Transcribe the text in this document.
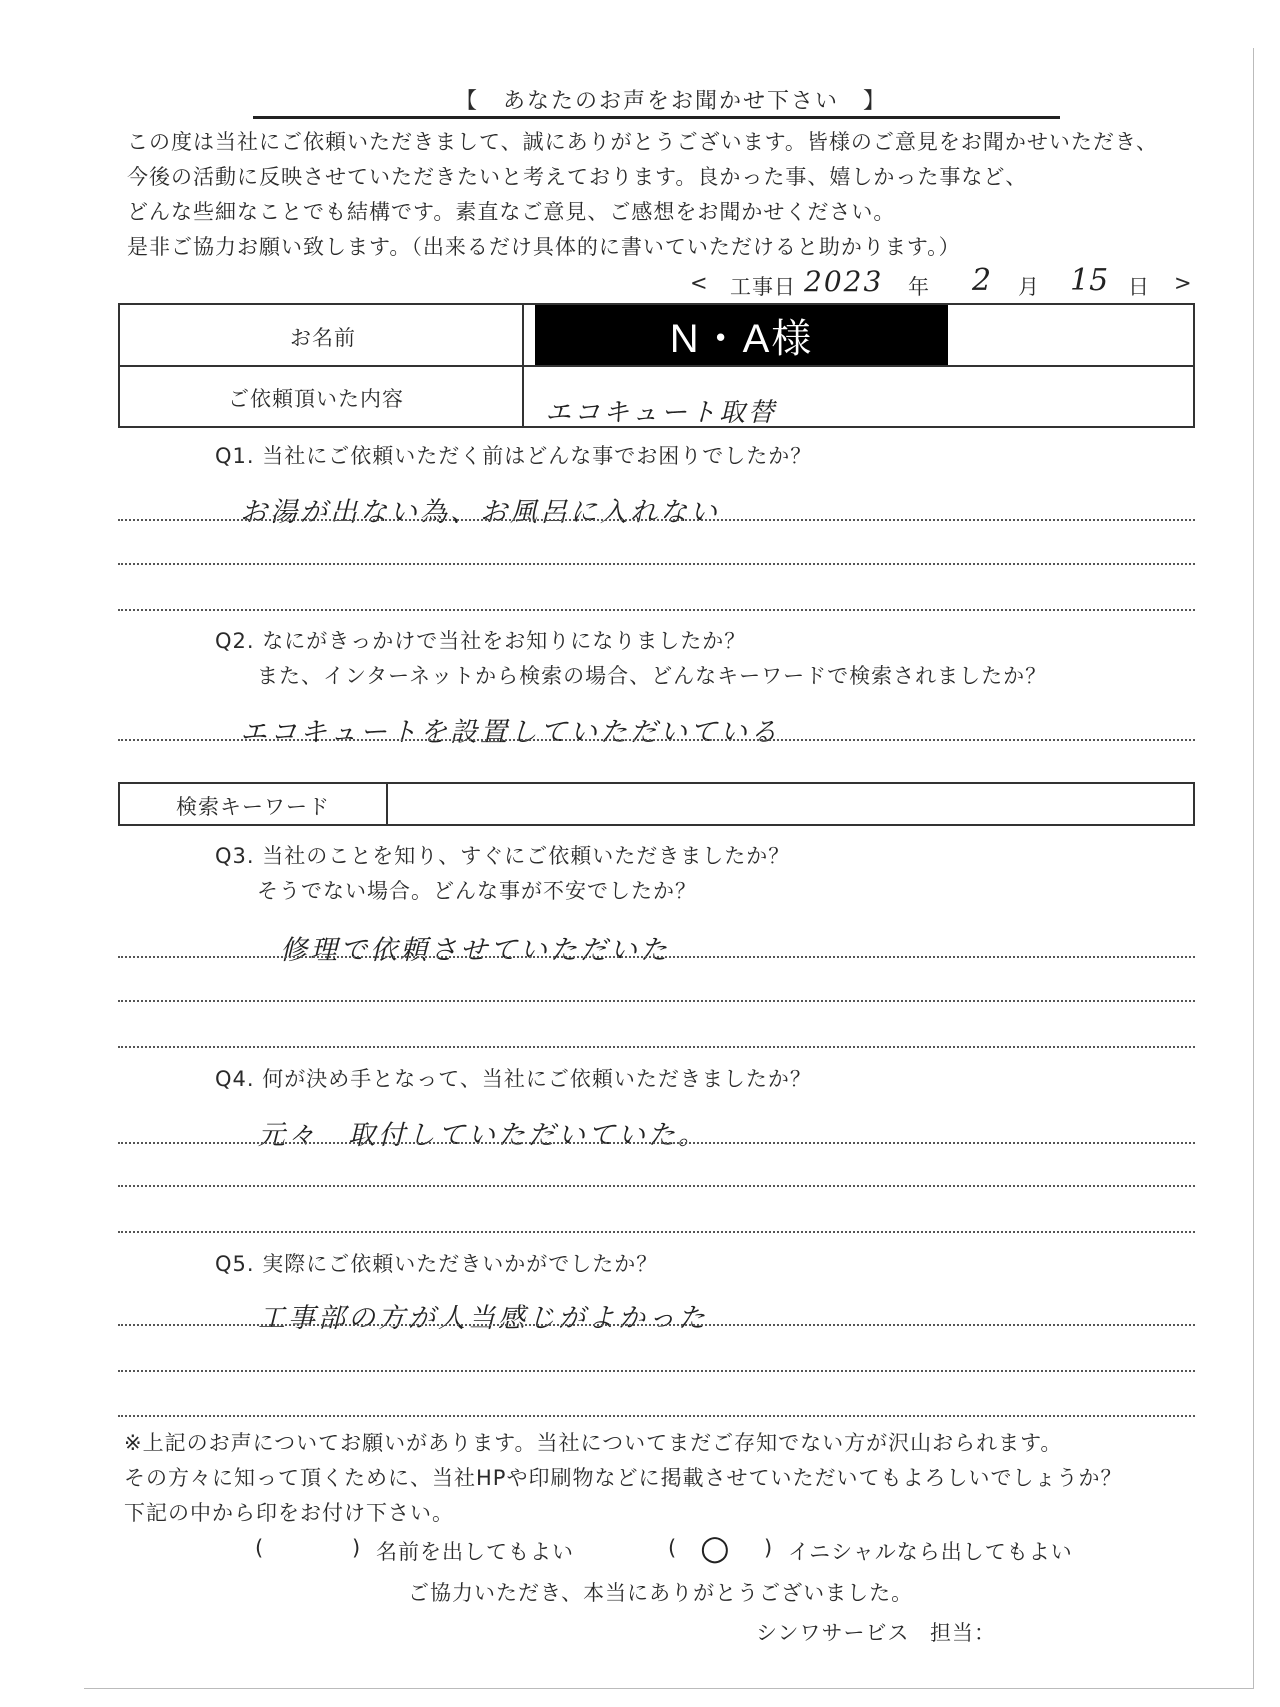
【　あなたのお声をお聞かせ下さい　】
この度は当社にご依頼いただきまして、誠にありがとうございます。皆様のご意見をお聞かせいただき、
今後の活動に反映させていただきたいと考えております。良かった事、嬉しかった事など、
どんな些細なことでも結構です。素直なご意見、ご感想をお聞かせください。
是非ご協力お願い致します。（出来るだけ具体的に書いていただけると助かります。）
< 工事日 2023 年 2 月 15 日 >
お名前	N・A様
ご依頼頂いた内容	エコキュート取替
Q1. 当社にご依頼いただく前はどんな事でお困りでしたか？
お湯が出ない為、お風呂に入れない
Q2. なにがきっかけで当社をお知りになりましたか？
また、インターネットから検索の場合、どんなキーワードで検索されましたか？
エコキュートを設置していただいている
検索キーワード
Q3. 当社のことを知り、すぐにご依頼いただきましたか？
そうでない場合。どんな事が不安でしたか？
修理で依頼させていただいた
Q4. 何が決め手となって、当社にご依頼いただきましたか？
元々　取付していただいていた。
Q5. 実際にご依頼いただきいかがでしたか？
工事部の方が人当感じがよかった
※上記のお声についてお願いがあります。当社についてまだご存知でない方が沢山おられます。
その方々に知って頂くために、当社HPや印刷物などに掲載させていただいてもよろしいでしょうか？
下記の中から印をお付け下さい。
(	) 名前を出してもよい	( ○ ) イニシャルなら出してもよい
ご協力いただき、本当にありがとうございました。
シンワサービス 担当：
